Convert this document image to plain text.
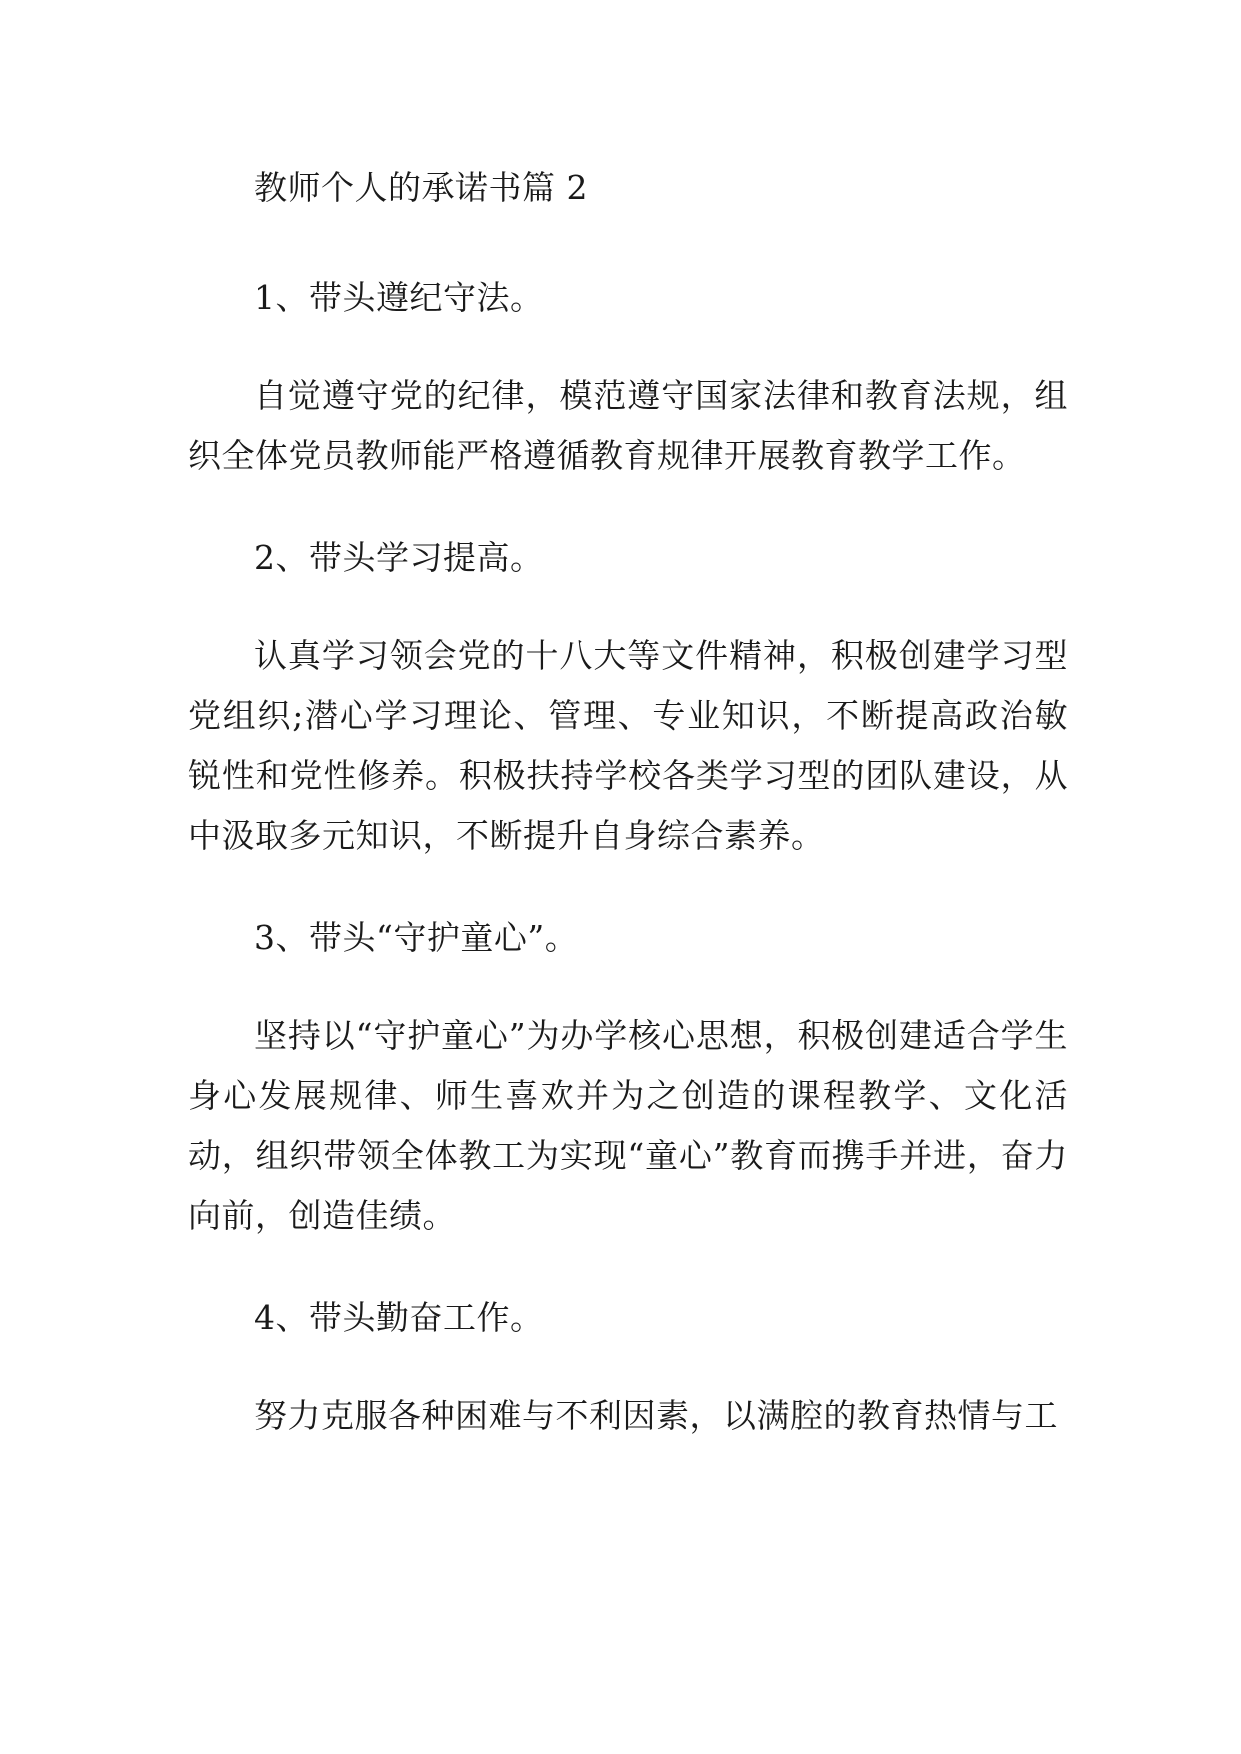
教师个人的承诺书篇 2

1、带头遵纪守法。

自觉遵守党的纪律，模范遵守国家法律和教育法规，组织全体党员教师能严格遵循教育规律开展教育教学工作。

2、带头学习提高。

认真学习领会党的十八大等文件精神，积极创建学习型党组织;潜心学习理论、管理、专业知识，不断提高政治敏锐性和党性修养。积极扶持学校各类学习型的团队建设，从中汲取多元知识，不断提升自身综合素养。

3、带头“守护童心”。

坚持以“守护童心”为办学核心思想，积极创建适合学生身心发展规律、师生喜欢并为之创造的课程教学、文化活动，组织带领全体教工为实现“童心”教育而携手并进，奋力向前，创造佳绩。

4、带头勤奋工作。

努力克服各种困难与不利因素，以满腔的教育热情与工
